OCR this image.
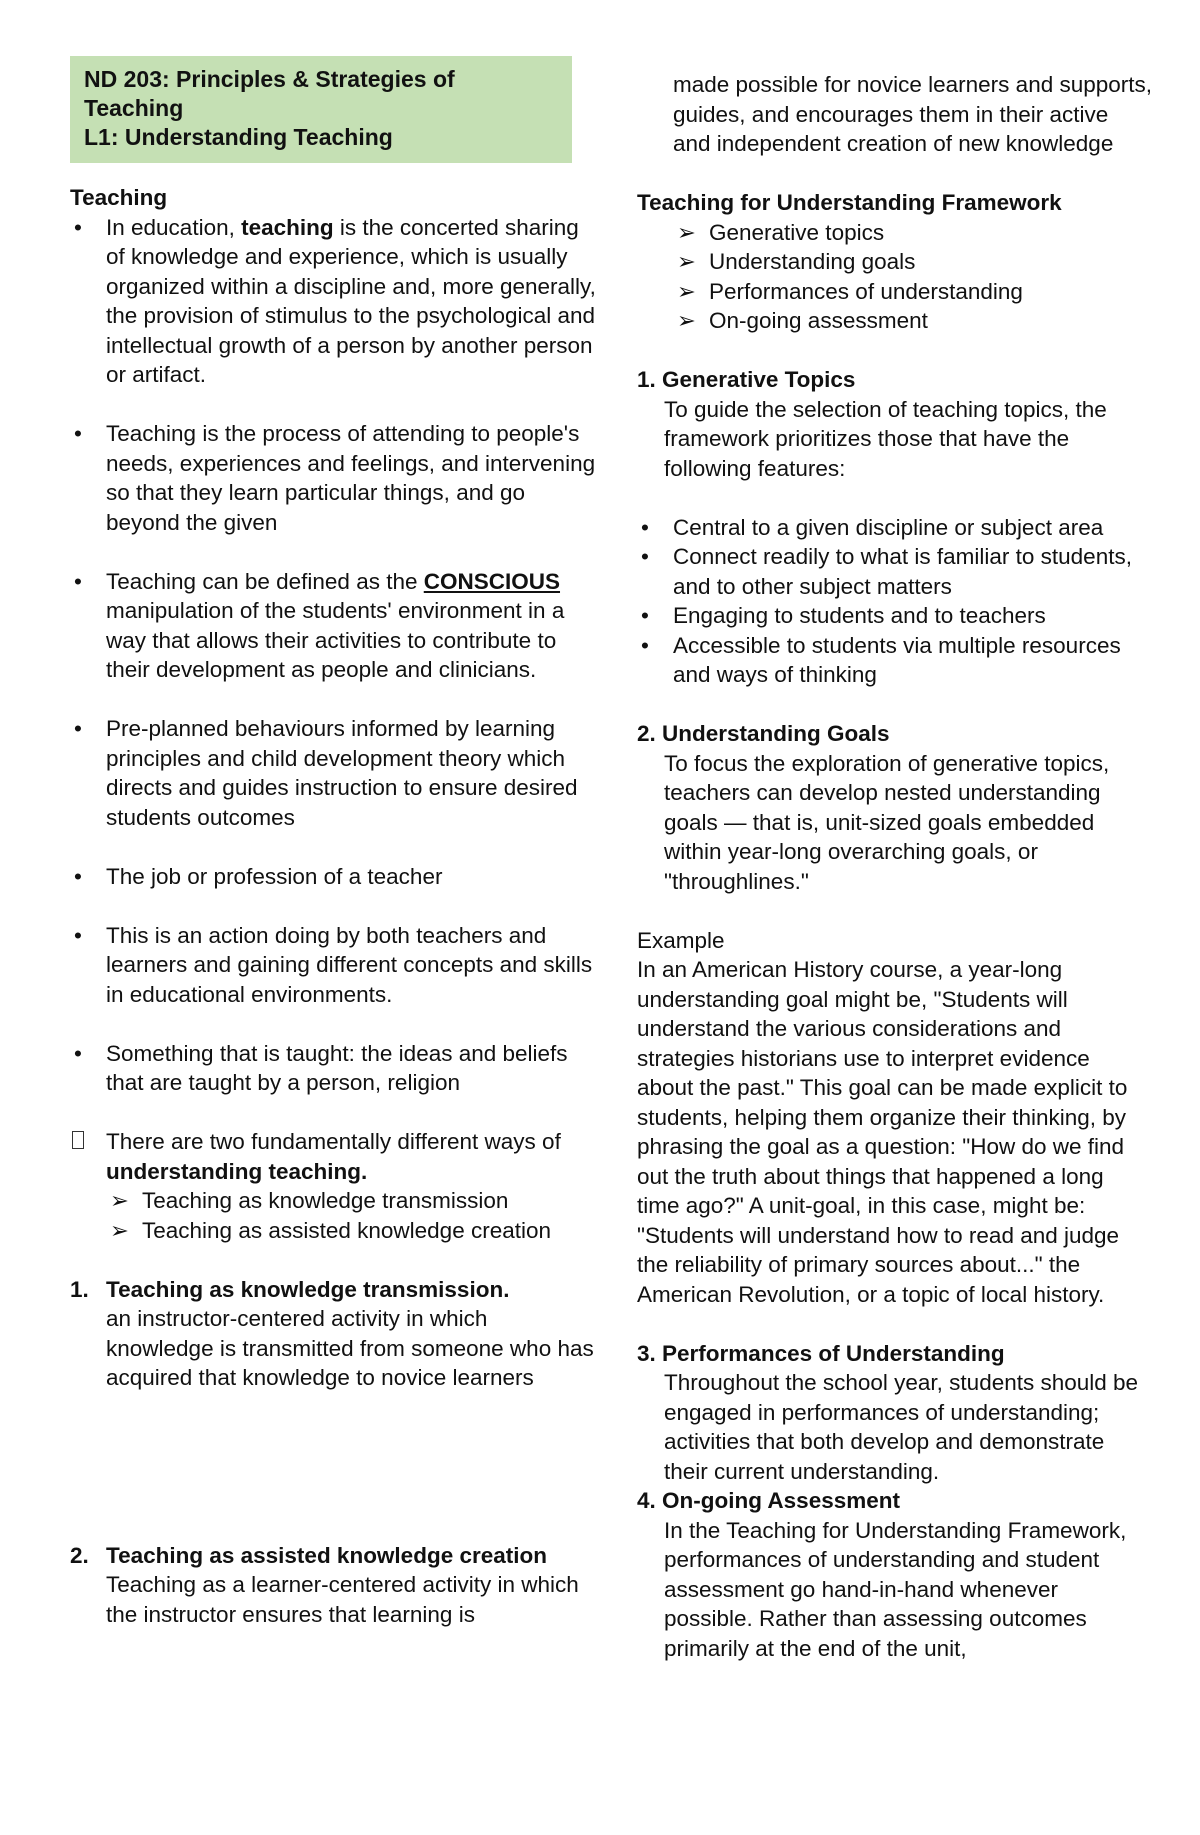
ND 203: Principles & Strategies of Teaching
L1: Understanding Teaching
Teaching
•
In education, teaching is the concerted sharing of knowledge and experience, which is usually organized within a discipline and, more generally, the provision of stimulus to the psychological and intellectual growth of a person by another person or artifact.
•
Teaching is the process of attending to people's needs, experiences and feelings, and intervening so that they learn particular things, and go beyond the given
•
Teaching can be defined as the CONSCIOUS manipulation of the students' environment in a way that allows their activities to contribute to their development as people and clinicians.
•
Pre-planned behaviours informed by learning principles and child development theory which directs and guides instruction to ensure desired students outcomes
•
The job or profession of a teacher
•
This is an action doing by both teachers and learners and gaining different concepts and skills in educational environments.
•
Something that is taught: the ideas and beliefs that are taught by a person, religion
There are two fundamentally different ways of understanding teaching.
➢ Teaching as knowledge transmission
➢ Teaching as assisted knowledge creation
1. Teaching as knowledge transmission.
an instructor-centered activity in which knowledge is transmitted from someone who has acquired that knowledge to novice learners
2. Teaching as assisted knowledge creation
Teaching as a learner-centered activity in which the instructor ensures that learning is
made possible for novice learners and supports, guides, and encourages them in their active and independent creation of new knowledge
Teaching for Understanding Framework
➢ Generative topics
➢ Understanding goals
➢ Performances of understanding
➢ On-going assessment
1. Generative Topics
To guide the selection of teaching topics, the framework prioritizes those that have the following features:
•
Central to a given discipline or subject area
•
Connect readily to what is familiar to students, and to other subject matters
•
Engaging to students and to teachers
•
Accessible to students via multiple resources and ways of thinking
2. Understanding Goals
To focus the exploration of generative topics, teachers can develop nested understanding goals — that is, unit-sized goals embedded within year-long overarching goals, or "throughlines."
Example
In an American History course, a year-long understanding goal might be, "Students will understand the various considerations and strategies historians use to interpret evidence about the past." This goal can be made explicit to students, helping them organize their thinking, by phrasing the goal as a question: "How do we find out the truth about things that happened a long time ago?" A unit-goal, in this case, might be: "Students will understand how to read and judge the reliability of primary sources about..." the American Revolution, or a topic of local history.
3. Performances of Understanding
Throughout the school year, students should be engaged in performances of understanding; activities that both develop and demonstrate their current understanding.
4. On-going Assessment
In the Teaching for Understanding Framework, performances of understanding and student assessment go hand-in-hand whenever possible. Rather than assessing outcomes primarily at the end of the unit,
